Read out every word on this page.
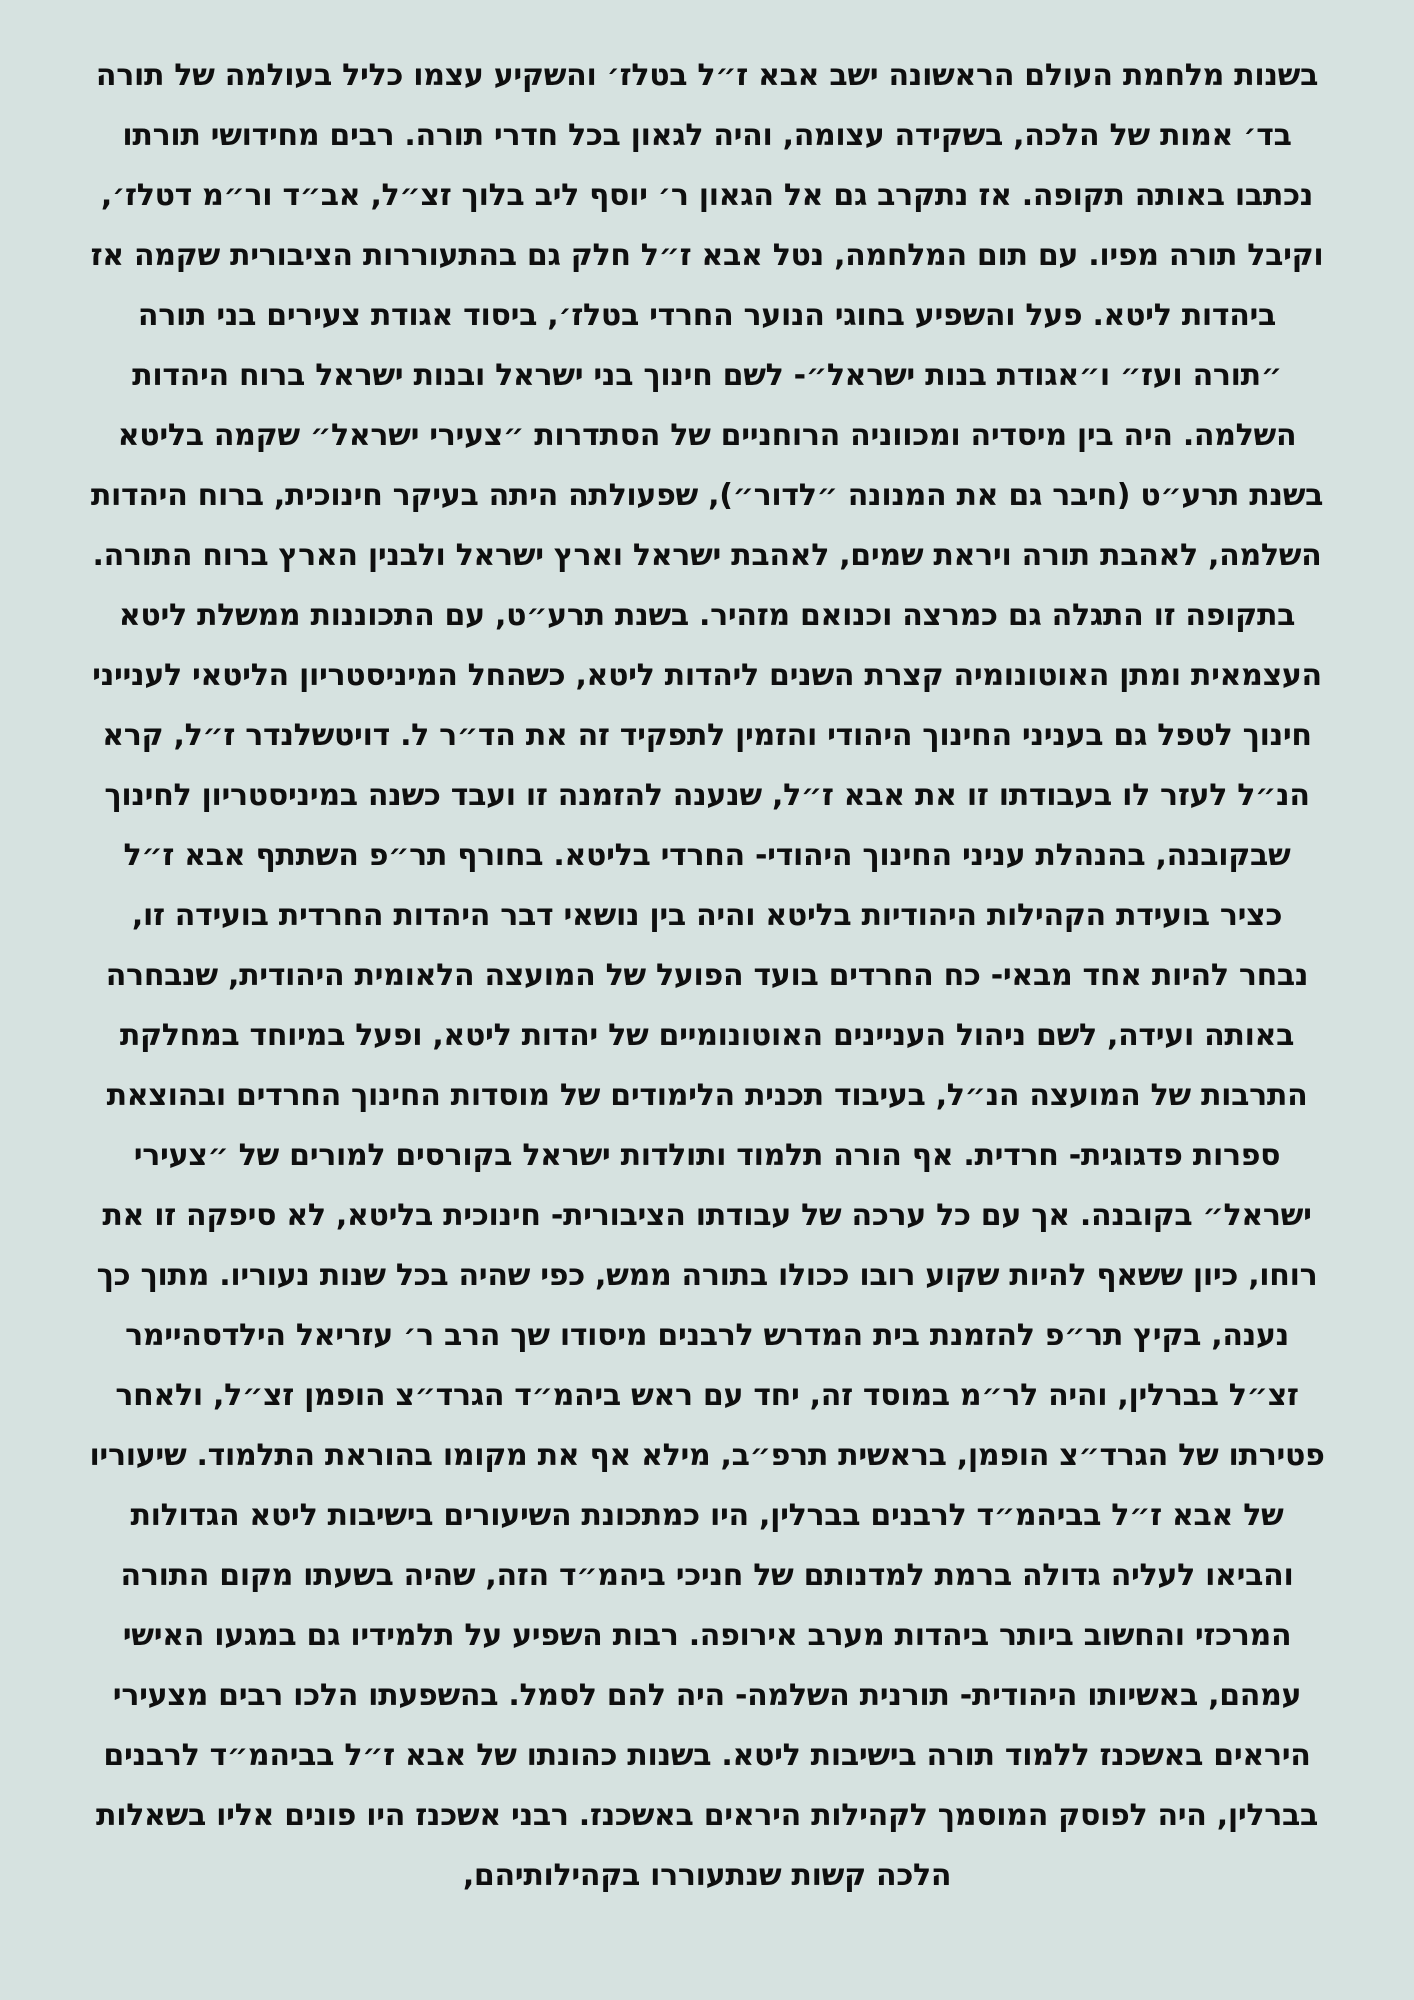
בשנות מלחמת העולם הראשונה ישב אבא ז״ל בטלז׳ והשקיע עצמו כליל בעולמה של תורה
בד׳ אמות של הלכה, בשקידה עצומה, והיה לגאון בכל חדרי תורה. רבים מחידושי תורתו
נכתבו באותה תקופה. אז נתקרב גם אל הגאון ר׳ יוסף ליב בלוך זצ״ל, אב״ד ור״מ דטלז׳,
וקיבל תורה מפיו. עם תום המלחמה, נטל אבא ז״ל חלק גם בהתעוררות הציבורית שקמה אז
ביהדות ליטא. פעל והשפיע בחוגי הנוער החרדי בטלז׳, ביסוד אגודת צעירים בני תורה
״תורה ועז״ ו״אגודת בנות ישראל״- לשם חינוך בני ישראל ובנות ישראל ברוח היהדות
השלמה. היה בין מיסדיה ומכווניה הרוחניים של הסתדרות ״צעירי ישראל״ שקמה בליטא
בשנת תרע״ט (חיבר גם את המנונה ״לדור״), שפעולתה היתה בעיקר חינוכית, ברוח היהדות
השלמה, לאהבת תורה ויראת שמים, לאהבת ישראל וארץ ישראל ולבנין הארץ ברוח התורה.
בתקופה זו התגלה גם כמרצה וכנואם מזהיר. בשנת תרע״ט, עם התכוננות ממשלת ליטא
העצמאית ומתן האוטונומיה קצרת השנים ליהדות ליטא, כשהחל המיניסטריון הליטאי לענייני
חינוך לטפל גם בעניני החינוך היהודי והזמין לתפקיד זה את הד״ר ל. דויטשלנדר ז״ל, קרא
הנ״ל לעזר לו בעבודתו זו את אבא ז״ל, שנענה להזמנה זו ועבד כשנה במיניסטריון לחינוך
שבקובנה, בהנהלת עניני החינוך היהודי- החרדי בליטא. בחורף תר״פ השתתף אבא ז״ל
כציר בועידת הקהילות היהודיות בליטא והיה בין נושאי דבר היהדות החרדית בועידה זו,
נבחר להיות אחד מבאי- כח החרדים בועד הפועל של המועצה הלאומית היהודית, שנבחרה
באותה ועידה, לשם ניהול העניינים האוטונומיים של יהדות ליטא, ופעל במיוחד במחלקת
התרבות של המועצה הנ״ל, בעיבוד תכנית הלימודים של מוסדות החינוך החרדים ובהוצאת
ספרות פדגוגית- חרדית. אף הורה תלמוד ותולדות ישראל בקורסים למורים של ״צעירי
ישראל״ בקובנה. אך עם כל ערכה של עבודתו הציבורית- חינוכית בליטא, לא סיפקה זו את
רוחו, כיון ששאף להיות שקוע רובו ככולו בתורה ממש, כפי שהיה בכל שנות נעוריו. מתוך כך
נענה, בקיץ תר״פ להזמנת בית המדרש לרבנים מיסודו שך הרב ר׳ עזריאל הילדסהיימר
זצ״ל בברלין, והיה לר״מ במוסד זה, יחד עם ראש ביהמ״ד הגרד״צ הופמן זצ״ל, ולאחר
פטירתו של הגרד״צ הופמן, בראשית תרפ״ב, מילא אף את מקומו בהוראת התלמוד. שיעוריו
של אבא ז״ל בביהמ״ד לרבנים בברלין, היו כמתכונת השיעורים בישיבות ליטא הגדולות
והביאו לעליה גדולה ברמת למדנותם של חניכי ביהמ״ד הזה, שהיה בשעתו מקום התורה
המרכזי והחשוב ביותר ביהדות מערב אירופה. רבות השפיע על תלמידיו גם במגעו האישי
עמהם, באשיותו היהודית- תורנית השלמה- היה להם לסמל. בהשפעתו הלכו רבים מצעירי
היראים באשכנז ללמוד תורה בישיבות ליטא. בשנות כהונתו של אבא ז״ל בביהמ״ד לרבנים
בברלין, היה לפוסק המוסמך לקהילות היראים באשכנז. רבני אשכנז היו פונים אליו בשאלות
הלכה קשות שנתעוררו בקהילותיהם,
